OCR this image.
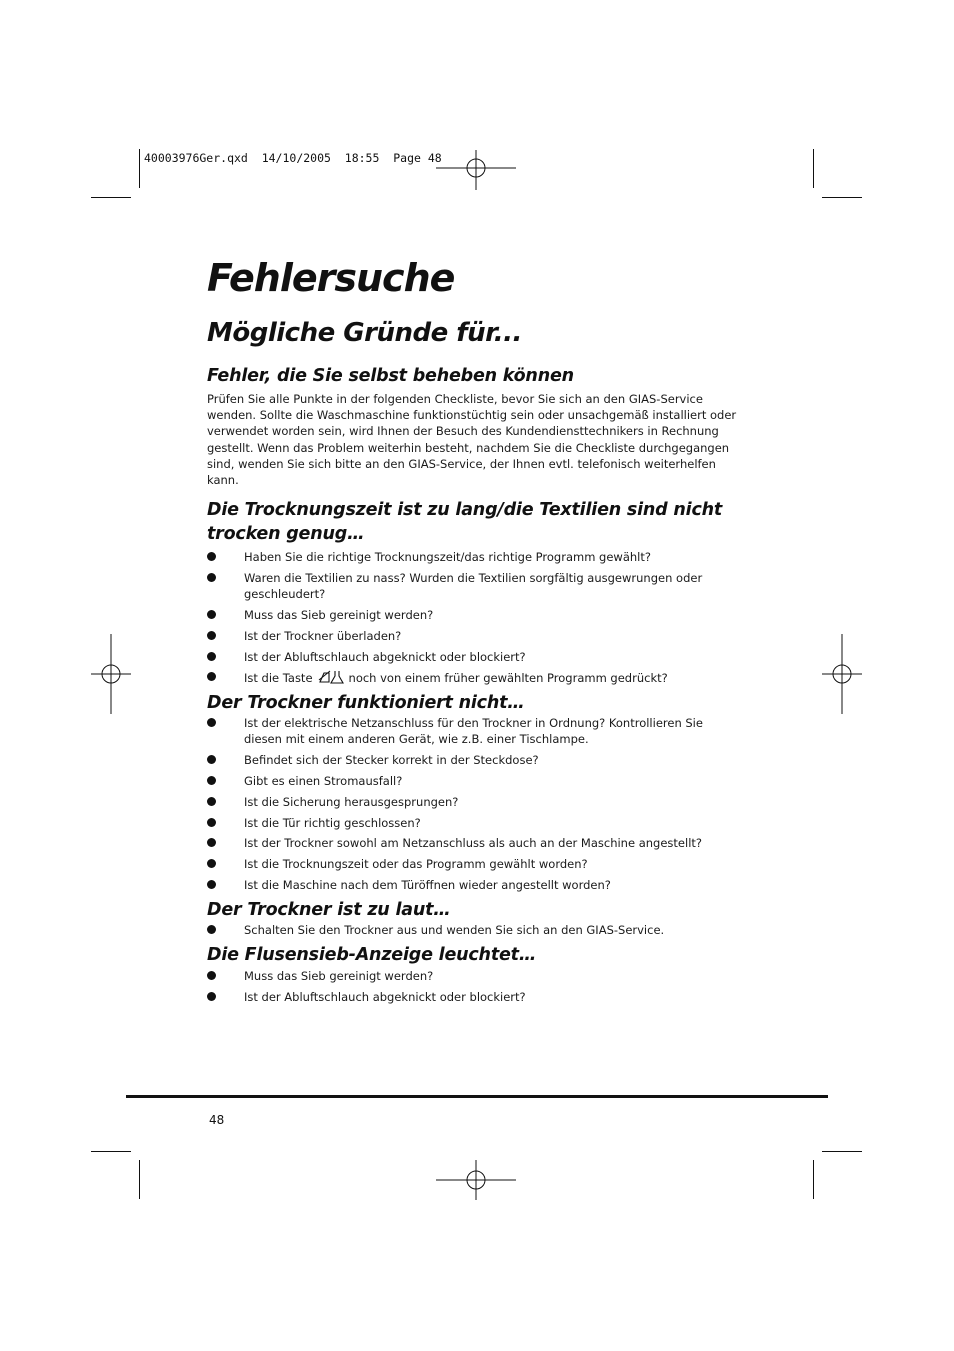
40003976Ger.qxd  14/10/2005  18:55  Page 48
Fehlersuche
Mögliche Gründe für...
Fehler, die Sie selbst beheben können

Prüfen Sie alle Punkte in der folgenden Checkliste, bevor Sie sich an den GIAS-Service wenden. Sollte die Waschmaschine funktionstüchtig sein oder unsachgemäß installiert oder verwendet worden sein, wird Ihnen der Besuch des Kundendiensttechnikers in Rechnung gestellt. Wenn das Problem weiterhin besteht, nachdem Sie die Checkliste durchgegangen sind, wenden Sie sich bitte an den GIAS-Service, der Ihnen evtl. telefonisch weiterhelfen kann.

Die Trocknungszeit ist zu lang/die Textilien sind nicht trocken genug…
Haben Sie die richtige Trocknungszeit/das richtige Programm gewählt?
Waren die Textilien zu nass? Wurden die Textilien sorgfältig ausgewrungen oder geschleudert?
Muss das Sieb gereinigt werden?
Ist der Trockner überladen?
Ist der Abluftschlauch abgeknickt oder blockiert?
Ist die Taste	noch von einem früher gewählten Programm gedrückt?
Der Trockner funktioniert nicht…
Ist der elektrische Netzanschluss für den Trockner in Ordnung? Kontrollieren Sie diesen mit einem anderen Gerät, wie z.B. einer Tischlampe.
Befindet sich der Stecker korrekt in der Steckdose?
Gibt es einen Stromausfall?
Ist die Sicherung herausgesprungen?
Ist die Tür richtig geschlossen?
Ist der Trockner sowohl am Netzanschluss als auch an der Maschine angestellt?
Ist die Trocknungszeit oder das Programm gewählt worden?
Ist die Maschine nach dem Türöffnen wieder angestellt worden?
Der Trockner ist zu laut…
Schalten Sie den Trockner aus und wenden Sie sich an den GIAS-Service.
Die Flusensieb-Anzeige leuchtet…
Muss das Sieb gereinigt werden?
Ist der Abluftschlauch abgeknickt oder blockiert?
48
